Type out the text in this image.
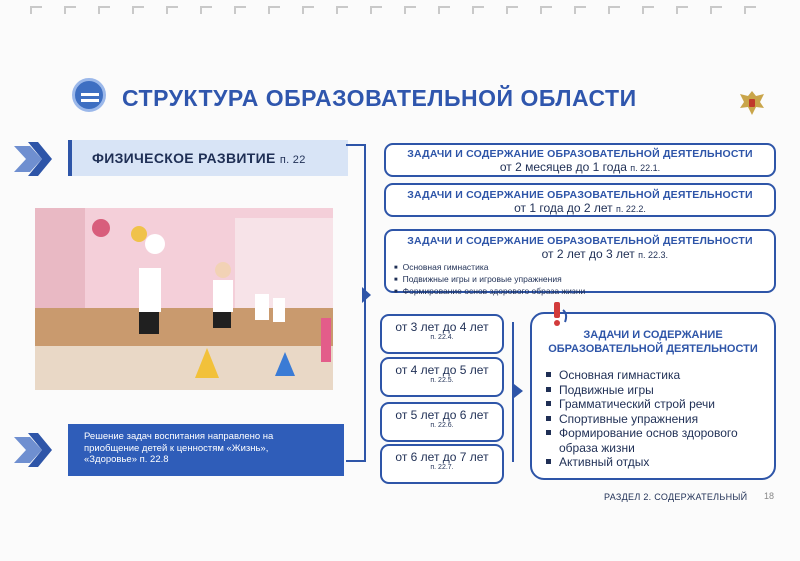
СТРУКТУРА ОБРАЗОВАТЕЛЬНОЙ ОБЛАСТИ
ФИЗИЧЕСКОЕ РАЗВИТИЕ п. 22	ЗАДАЧИ И СОДЕРЖАНИЕ ОБРАЗОВАТЕЛЬНОЙ ДЕЯТЕЛЬНОСТИ
от 2 месяцев до 1 года п. 22.1.
ЗАДАЧИ И СОДЕРЖАНИЕ ОБРАЗОВАТЕЛЬНОЙ ДЕЯТЕЛЬНОСТИ
от 1 года до 2 лет п. 22.2.
ЗАДАЧИ И СОДЕРЖАНИЕ ОБРАЗОВАТЕЛЬНОЙ ДЕЯТЕЛЬНОСТИ
от 2 лет до 3 лет п. 22.3.
■ Основная гимнастика
■ Подвижные игры и игровые упражнения
■ Формирование основ здорового образа жизни
от 3 лет до 4 лет
п. 22.4.
от 4 лет до 5 лет
п. 22.5.
от 5 лет до 6 лет
п. 22.6.
от 6 лет до 7 лет
п. 22.7.
ЗАДАЧИ И СОДЕРЖАНИЕ
ОБРАЗОВАТЕЛЬНОЙ ДЕЯТЕЛЬНОСТИ
Основная гимнастика
Подвижные игры
Грамматический строй речи
Спортивные упражнения
Формирование основ здорового
образа жизни
Активный отдых
Решение задач воспитания направлено на
приобщение детей к ценностям «Жизнь»,
«Здоровье» п. 22.8
РАЗДЕЛ 2. СОДЕРЖАТЕЛЬНЫЙ 18
